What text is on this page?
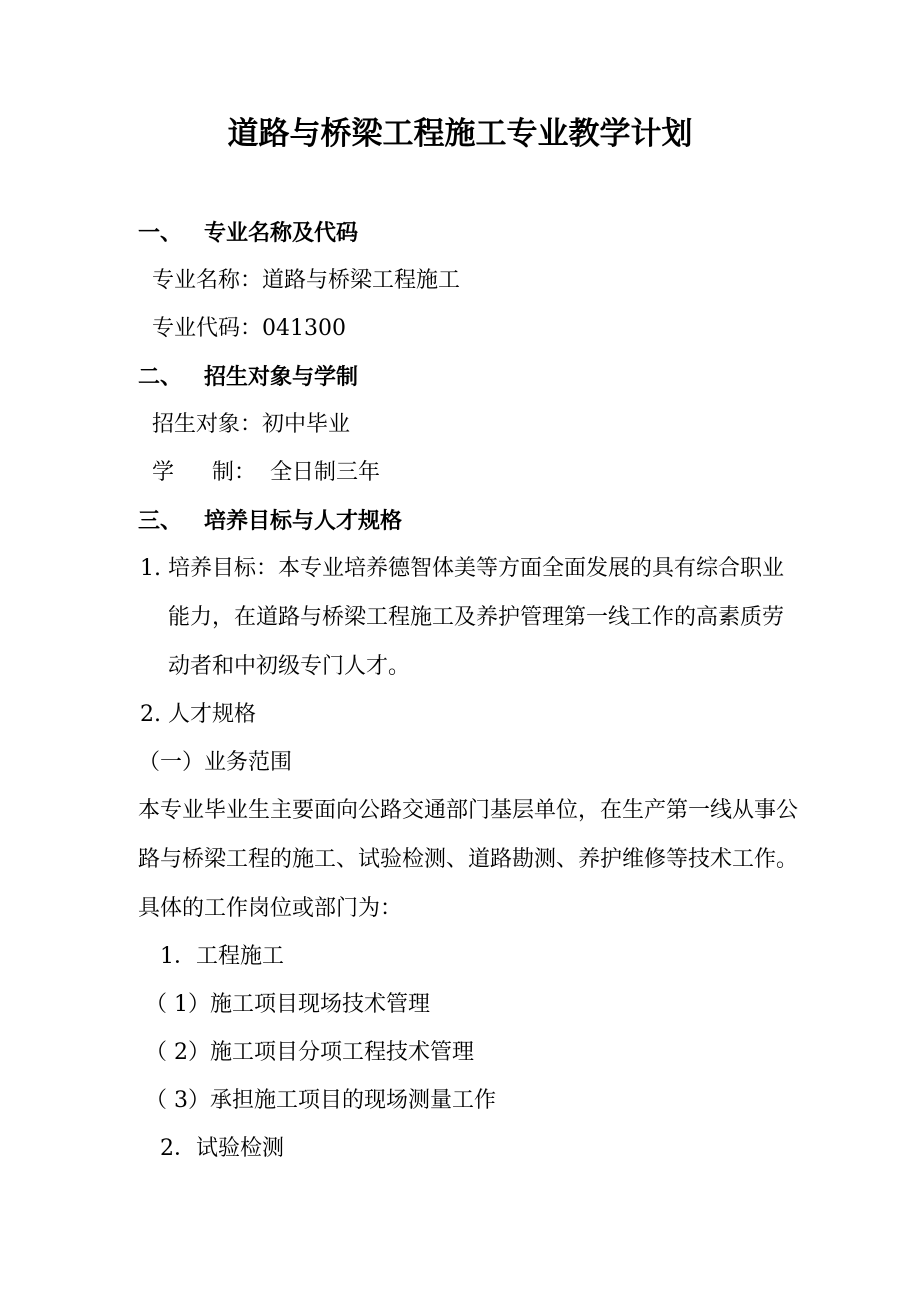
道路与桥梁工程施工专业教学计划
一、 专业名称及代码
专业名称：道路与桥梁工程施工
专业代码：041300
二、 招生对象与学制
招生对象：初中毕业
学 制： 全日制三年
三、 培养目标与人才规格
1. 培养目标：本专业培养德智体美等方面全面发展的具有综合职业
能力，在道路与桥梁工程施工及养护管理第一线工作的高素质劳
动者和中初级专门人才。
2. 人才规格
（一）业务范围
本专业毕业生主要面向公路交通部门基层单位，在生产第一线从事公
路与桥梁工程的施工、试验检测、道路勘测、养护维修等技术工作。
具体的工作岗位或部门为：
1．工程施工
（ 1）施工项目现场技术管理
（ 2）施工项目分项工程技术管理
（ 3）承担施工项目的现场测量工作
2．试验检测
